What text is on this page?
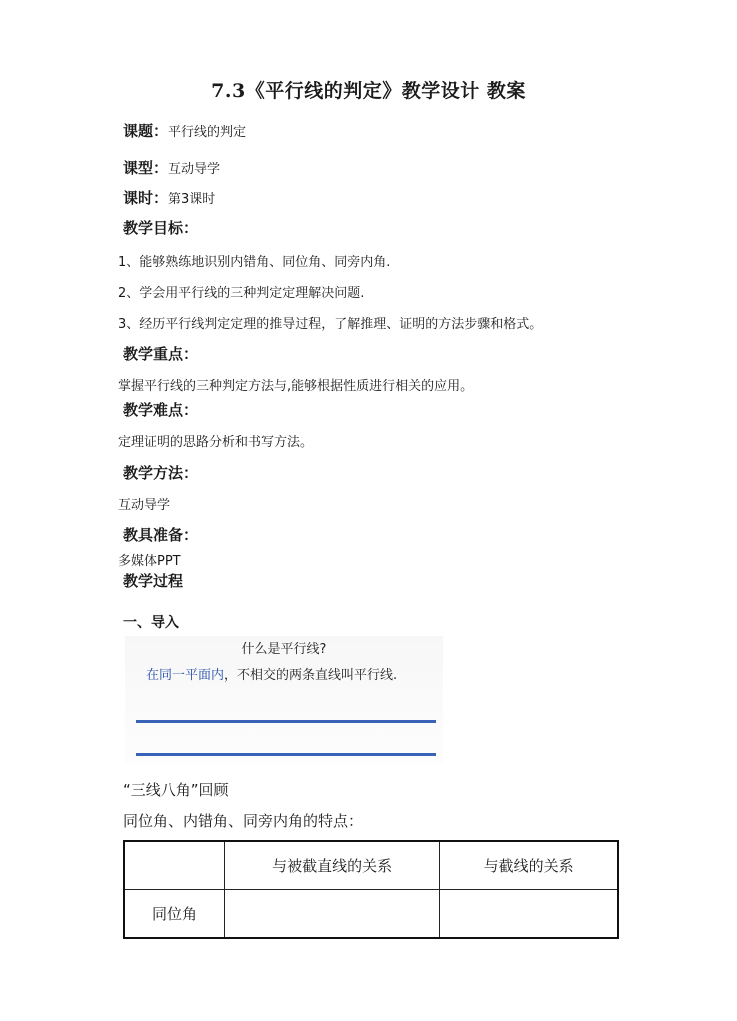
7.3《平行线的判定》教学设计 教案
课题：平行线的判定
课型：互动导学
课时：第3课时
教学目标：
1、能够熟练地识别内错角、同位角、同旁内角.
2、学会用平行线的三种判定定理解决问题.
3、经历平行线判定定理的推导过程，了解推理、证明的方法步骤和格式。
教学重点：
掌握平行线的三种判定方法与,能够根据性质进行相关的应用。
教学难点：
定理证明的思路分析和书写方法。
教学方法：
互动导学
教具准备：
多媒体PPT
教学过程
一、导入
什么是平行线?
在同一平面内，不相交的两条直线叫平行线.
“三线八角”回顾
同位角、内错角、同旁内角的特点：
	与被截直线的关系	与截线的关系
同位角		
